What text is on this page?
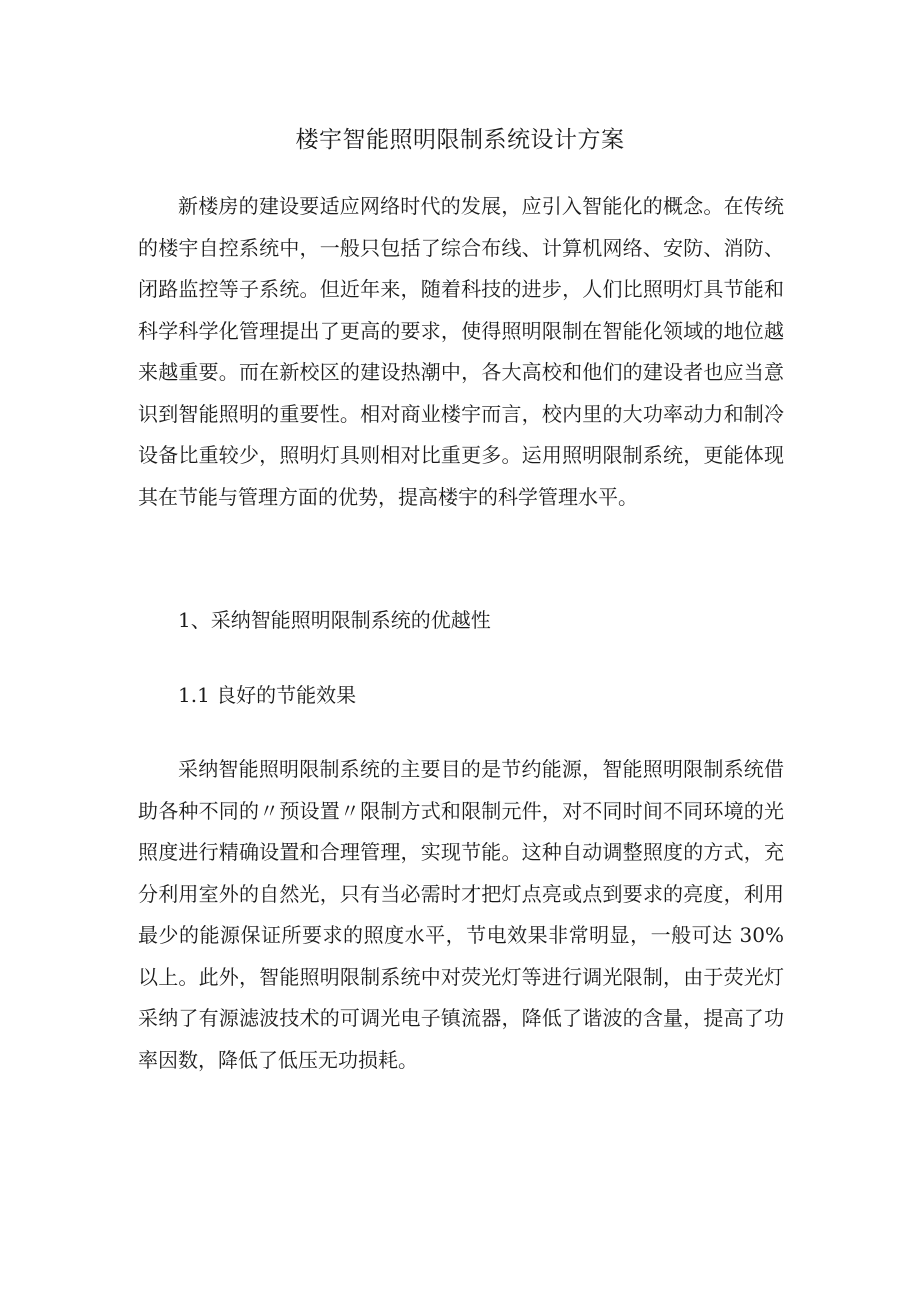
楼宇智能照明限制系统设计方案

新楼房的建设要适应网络时代的发展，应引入智能化的概念。在传统的楼宇自控系统中，一般只包括了综合布线、计算机网络、安防、消防、闭路监控等子系统。但近年来，随着科技的进步，人们比照明灯具节能和科学科学化管理提出了更高的要求，使得照明限制在智能化领域的地位越来越重要。而在新校区的建设热潮中，各大高校和他们的建设者也应当意识到智能照明的重要性。相对商业楼宇而言，校内里的大功率动力和制冷设备比重较少，照明灯具则相对比重更多。运用照明限制系统，更能体现其在节能与管理方面的优势，提高楼宇的科学管理水平。

1、采纳智能照明限制系统的优越性

1.1 良好的节能效果

采纳智能照明限制系统的主要目的是节约能源，智能照明限制系统借助各种不同的〃预设置〃限制方式和限制元件，对不同时间不同环境的光照度进行精确设置和合理管理，实现节能。这种自动调整照度的方式，充分利用室外的自然光，只有当必需时才把灯点亮或点到要求的亮度，利用最少的能源保证所要求的照度水平，节电效果非常明显，一般可达 30%以上。此外，智能照明限制系统中对荧光灯等进行调光限制，由于荧光灯采纳了有源滤波技术的可调光电子镇流器，降低了谐波的含量，提高了功率因数，降低了低压无功损耗。
